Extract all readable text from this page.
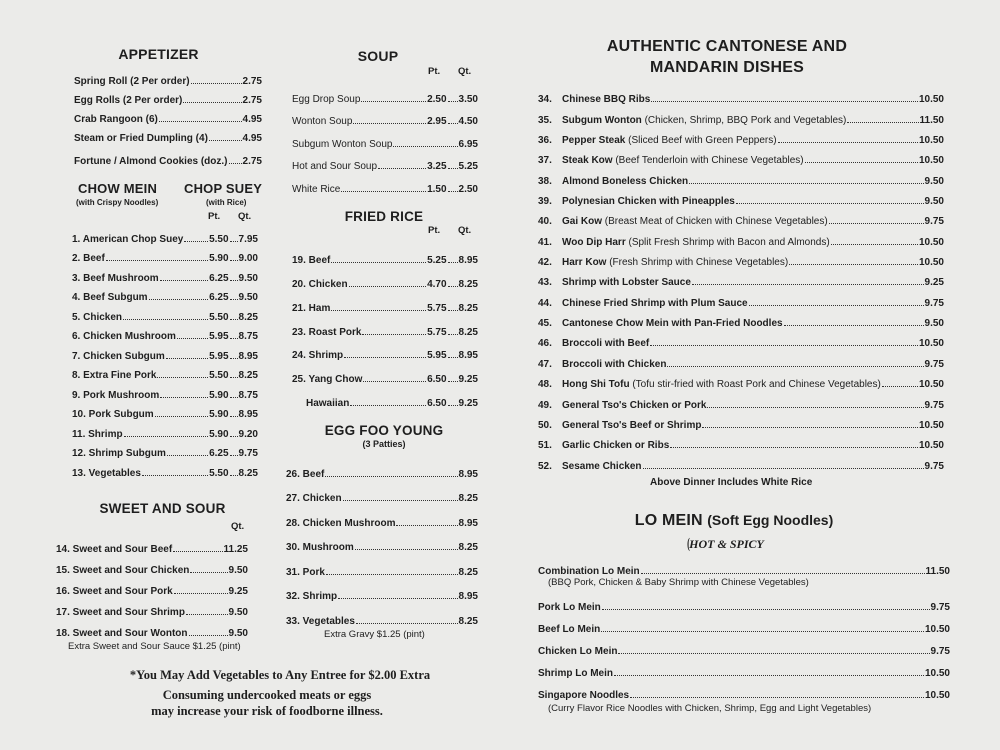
APPETIZER
Spring Roll (2 Per order)	2.75
Egg Rolls (2 Per order)	2.75
Crab Rangoon (6)	4.95
Steam or Fried Dumpling (4)	4.95
Fortune / Almond Cookies (doz.) 2.75
CHOW MEIN CHOP SUEY
(with Crispy Noodles)	(with Rice)
Pt. Qt.
1. American Chop Suey	5.50 7.95
2. Beef	5.90 9.00
3. Beef Mushroom	6.25 9.50
4. Beef Subgum	6.25 9.50
5. Chicken	5.50 8.25
6. Chicken Mushroom	5.95 8.75
7. Chicken Subgum	5.95 8.95
8. Extra Fine Pork	5.50 8.25
9. Pork Mushroom	5.90 8.75
10. Pork Subgum	5.90 8.95
11. Shrimp	5.90 9.20
12. Shrimp Subgum	6.25 9.75
13. Vegetables	5.50 8.25
SWEET AND SOUR
Qt.
14. Sweet and Sour Beef	11.25
15. Sweet and Sour Chicken	9.50
16. Sweet and Sour Pork	9.25
17. Sweet and Sour Shrimp	9.50
18. Sweet and Sour Wonton	9.50
Extra Sweet and Sour Sauce $1.25 (pint)
SOUP
Pt. Qt.
Egg Drop Soup	2.50 3.50
Wonton Soup	2.95 4.50
Subgum Wonton Soup	6.95
Hot and Sour Soup	3.25 5.25
White Rice	1.50 2.50
FRIED RICE
Pt. Qt.
19. Beef	5.25 8.95
20. Chicken	4.70 8.25
21. Ham	5.75 8.25
23. Roast Pork	5.75 8.25
24. Shrimp	5.95 8.95
25. Yang Chow	6.50 9.25
Hawaiian	6.50 9.25
EGG FOO YOUNG
(3 Patties)
26. Beef	8.95
27. Chicken	8.25
28. Chicken Mushroom	8.95
30. Mushroom	8.25
31. Pork	8.25
32. Shrimp	8.95
33. Vegetables	8.25
Extra Gravy $1.25 (pint)
*You May Add Vegetables to Any Entree for $2.00 Extra
Consuming undercooked meats or eggs
may increase your risk of foodborne illness.
AUTHENTIC CANTONESE AND
MANDARIN DISHES
34. Chinese BBQ Ribs	10.50
35. Subgum Wonton (Chicken, Shrimp, BBQ Pork and Vegetables)	11.50
36. Pepper Steak (Sliced Beef with Green Peppers)	10.50
37. Steak Kow (Beef Tenderloin with Chinese Vegetables)	10.50
38. Almond Boneless Chicken	9.50
39. Polynesian Chicken with Pineapples	9.50
40. Gai Kow (Breast Meat of Chicken with Chinese Vegetables)	9.75
41. Woo Dip Harr (Split Fresh Shrimp with Bacon and Almonds)	10.50
42. Harr Kow (Fresh Shrimp with Chinese Vegetables)	10.50
43. Shrimp with Lobster Sauce	9.25
44. Chinese Fried Shrimp with Plum Sauce	9.75
45. Cantonese Chow Mein with Pan-Fried Noodles	9.50
46. Broccoli with Beef	10.50
47. Broccoli with Chicken	9.75
48. Hong Shi Tofu (Tofu stir-fried with Roast Pork and Chinese Vegetables)	10.50
49. General Tso's Chicken or Pork	9.75
50. General Tso's Beef or Shrimp	10.50
51. Garlic Chicken or Ribs	10.50
52. Sesame Chicken	9.75
Above Dinner Includes White Rice
LO MEIN (Soft Egg Noodles)
(HOT & SPICY
Combination Lo Mein	11.50
(BBQ Pork, Chicken & Baby Shrimp with Chinese Vegetables)
Pork Lo Mein	9.75
Beef Lo Mein	10.50
Chicken Lo Mein	9.75
Shrimp Lo Mein	10.50
Singapore Noodles	10.50
(Curry Flavor Rice Noodles with Chicken, Shrimp, Egg and Light Vegetables)
